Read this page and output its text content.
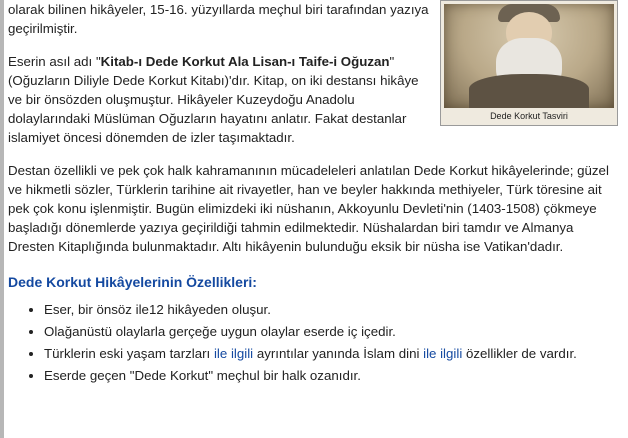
Dede Korkut Tasviri

olarak bilinen hikâyeler, 15-16. yüzyıllarda meçhul biri tarafından yazıya geçirilmiştir.

Eserin asıl adı "Kitab-ı Dede Korkut Ala Lisan-ı Taife-i Oğuzan" (Oğuzların Diliyle Dede Korkut Kitabı)'dır. Kitap, on iki destansı hikâye ve bir önsözden oluşmuştur. Hikâyeler Kuzeydoğu Anadolu dolaylarındaki Müslüman Oğuzların hayatını anlatır. Fakat destanlar islamiyet öncesi dönemden de izler taşımaktadır.

Destan özellikli ve pek çok halk kahramanının mücadeleleri anlatılan Dede Korkut hikâyelerinde; güzel ve hikmetli sözler, Türklerin tarihine ait rivayetler, han ve beyler hakkında methiyeler, Türk töresine ait pek çok konu işlenmiştir. Bugün elimizdeki iki nüshanın, Akkoyunlu Devleti'nin (1403-1508) çökmeye başladığı dönemlerde yazıya geçirildiği tahmin edilmektedir. Nüshalardan biri tamdır ve Almanya Dresten Kitaplığında bulunmaktadır. Altı hikâyenin bulunduğu eksik bir nüsha ise Vatikan'dadır.

Dede Korkut Hikâyelerinin Özellikleri:
• Eser, bir önsöz ile12 hikâyeden oluşur.
• Olağanüstü olaylarla gerçeğe uygun olaylar eserde iç içedir.
• Türklerin eski yaşam tarzları ile ilgili ayrıntılar yanında İslam dini ile ilgili özellikler de vardır.
• Eserde geçen "Dede Korkut" meçhul bir halk ozanıdır.
